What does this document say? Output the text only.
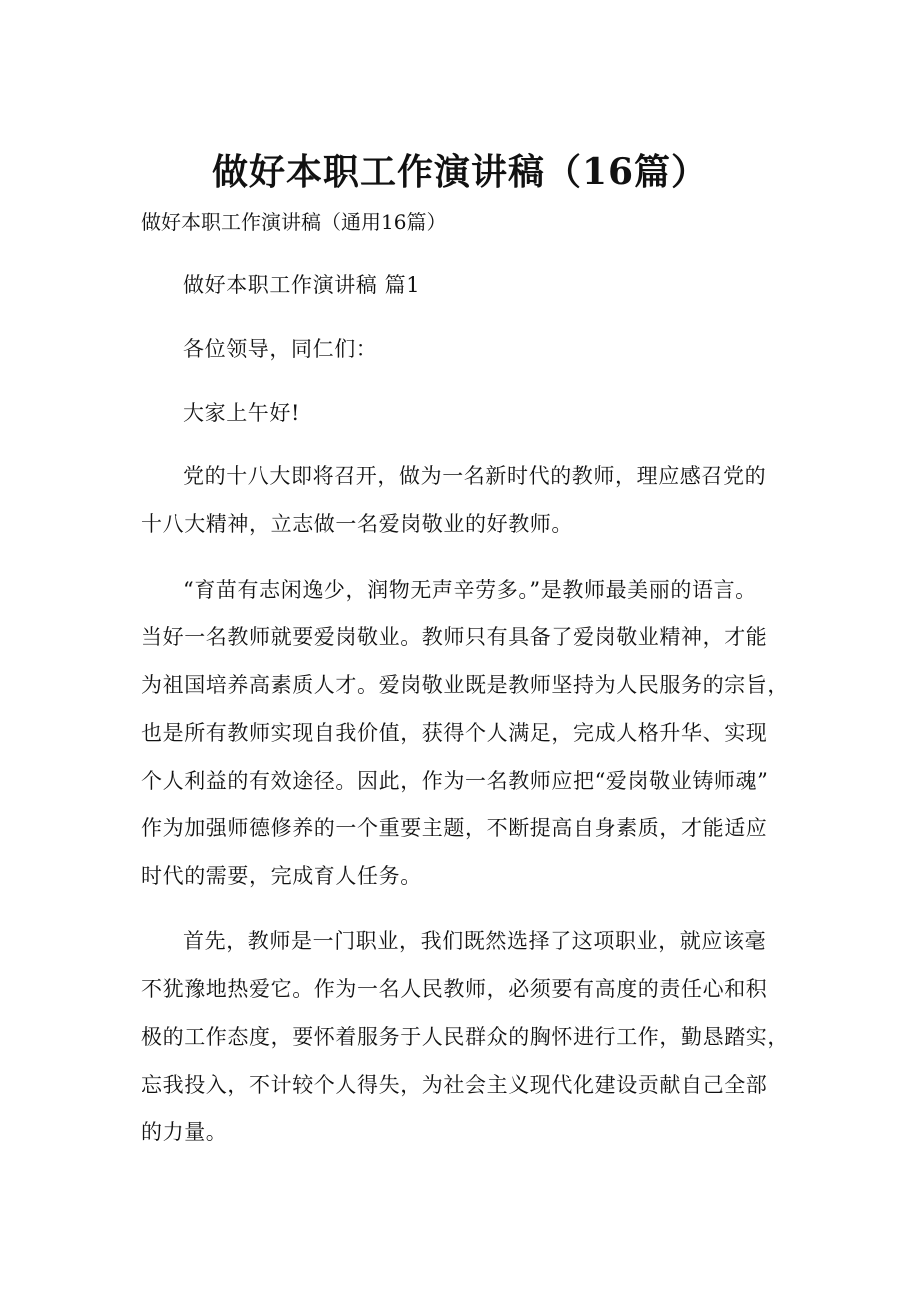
做好本职工作演讲稿（16篇）
做好本职工作演讲稿（通用16篇）
做好本职工作演讲稿 篇1
各位领导，同仁们：
大家上午好!
党的十八大即将召开，做为一名新时代的教师，理应感召党的
十八大精神，立志做一名爱岗敬业的好教师。
“育苗有志闲逸少，润物无声辛劳多。”是教师最美丽的语言。
当好一名教师就要爱岗敬业。教师只有具备了爱岗敬业精神，才能
为祖国培养高素质人才。爱岗敬业既是教师坚持为人民服务的宗旨，
也是所有教师实现自我价值，获得个人满足，完成人格升华、实现
个人利益的有效途径。因此，作为一名教师应把“爱岗敬业铸师魂”
作为加强师德修养的一个重要主题，不断提高自身素质，才能适应
时代的需要，完成育人任务。
首先，教师是一门职业，我们既然选择了这项职业，就应该毫
不犹豫地热爱它。作为一名人民教师，必须要有高度的责任心和积
极的工作态度，要怀着服务于人民群众的胸怀进行工作，勤恳踏实，
忘我投入，不计较个人得失，为社会主义现代化建设贡献自己全部
的力量。
